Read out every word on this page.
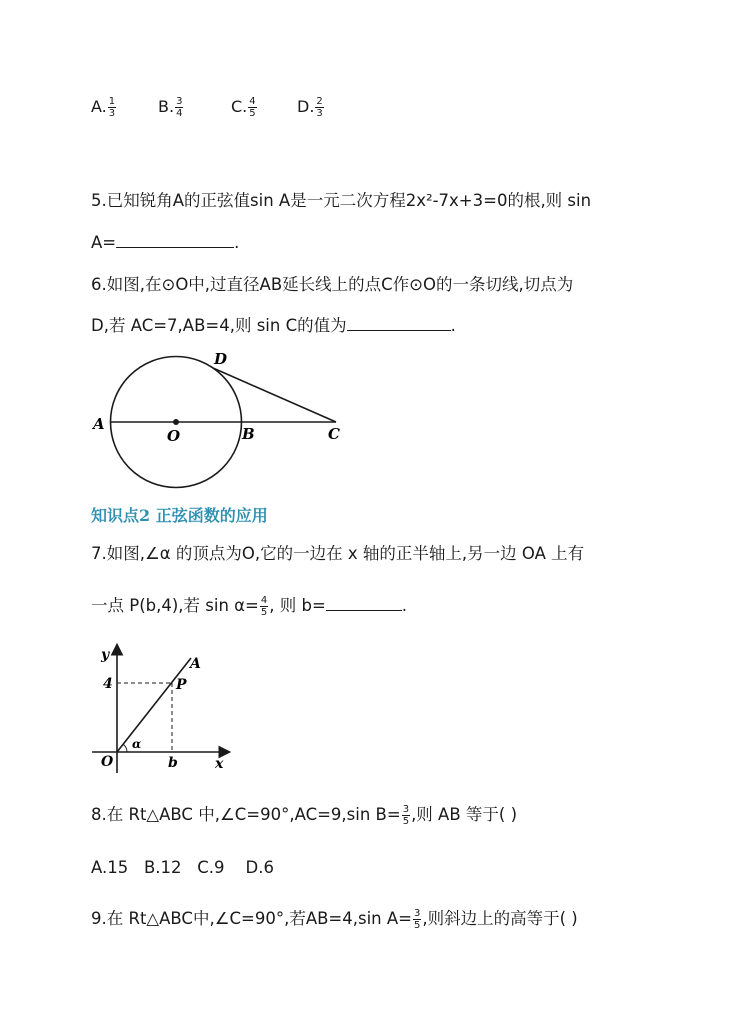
A. $\frac{1}{3}$	B. $\frac{3}{4}$	C. $\frac{4}{5}$	D. $\frac{2}{3}$
5.已知锐角A的正弦值sin A是一元二次方程2x²-7x+3=0的根,则 sin
A=	.
6.如图,在⊙O中,过直径AB延长线上的点C作⊙O的一条切线,切点为
D,若 AC=7,AB=4,则 sin C的值为	.
A
O	B	C
D
知识点2 正弦函数的应用
7.如图,∠α 的顶点为O,它的一边在 x 轴的正半轴上,另一边 OA 上有
一点 P(b,4),若 $\sin \alpha= \frac{4}{5}$ , 则 b=	.
y
x
O
A
P
4
b
α
8.在 Rt△ABC 中,∠C=90°,AC=9,sin $B= \frac{3}{5}$ ,则 AB 等于( )
A.15   B.12   C.9    D.6
9.在 Rt△ABC中,∠C=90°,若AB=4,sin $A= \frac{3}{5}$ ,则斜边上的高等于( )
